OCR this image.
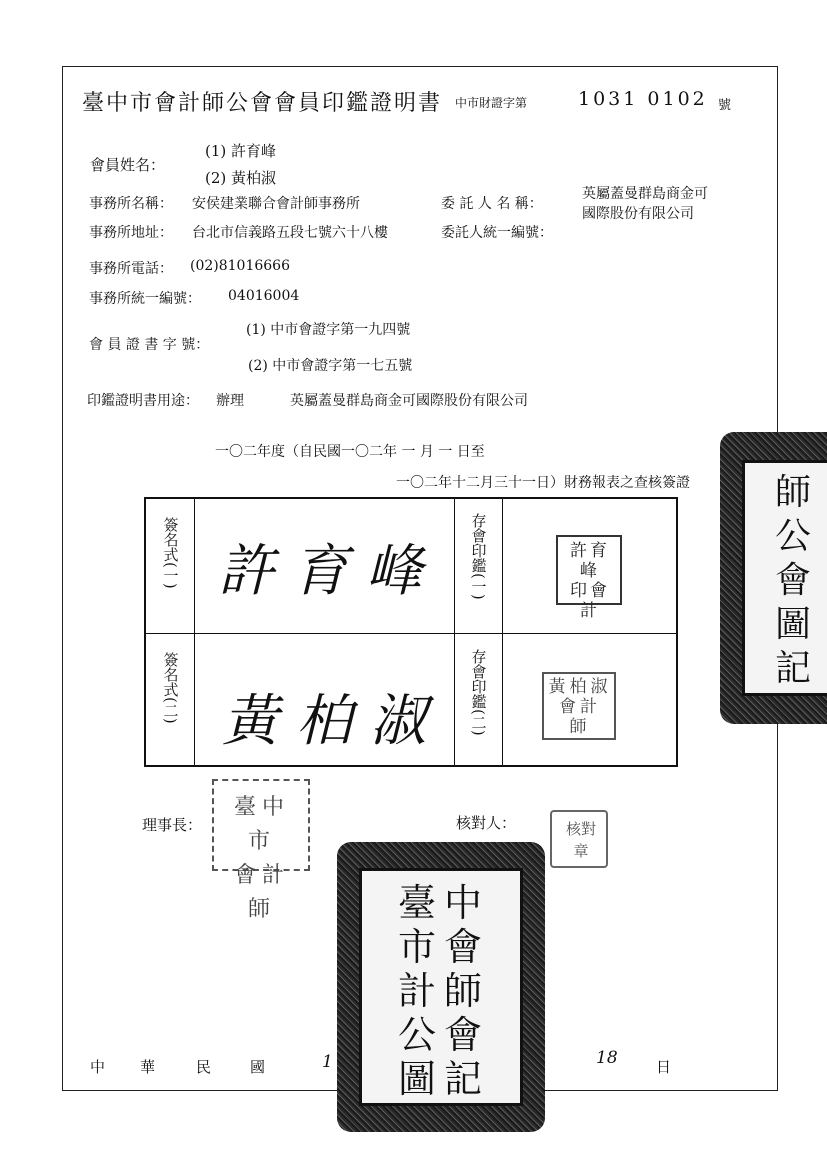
臺中市會計師公會會員印鑑證明書 中市財證字第	1031 0102 號
會員姓名：
(1) 許育峰
(2) 黃柏淑
事務所名稱： 安侯建業聯合會計師事務所	委 託 人 名 稱：
英屬蓋曼群島商金可
國際股份有限公司
事務所地址： 台北市信義路五段七號六十八樓	委託人統一編號：
事務所電話： (02)81016666
事務所統一編號： 04016004
會 員 證 書 字 號：
(1) 中市會證字第一九四號
(2) 中市會證字第一七五號
印鑑證明書用途： 辦理	英屬蓋曼群島商金可國際股份有限公司
一〇二年度（自民國一〇二年 一 月 一 日至
一〇二年十二月三十一日）財務報表之查核簽證
簽名式(一) 許育峰 存會印鑑(一)	許育峰
印會
計
簽名式(二) 黃柏淑 存會印鑑(二)	黃柏淑
會計
師
理事長：
臺中市
會計師
核對人：	核對
章
臺中
市會
計師
公會
圖記
師
公
會
圖
記
中 華	民	國	1	18	日
